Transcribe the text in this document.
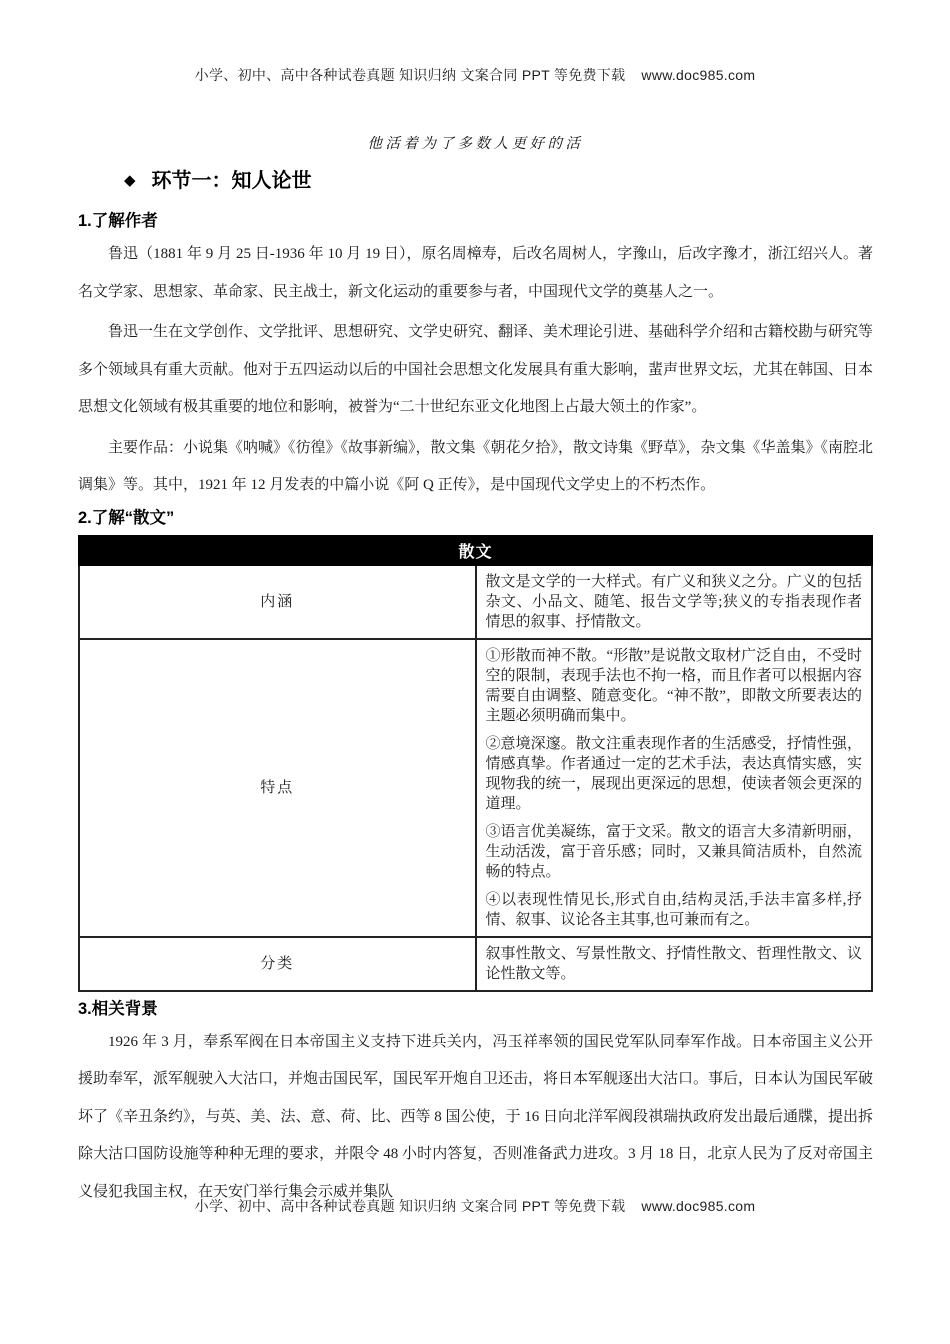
小学、初中、高中各种试卷真题 知识归纳 文案合同 PPT 等免费下载 www.doc985.com
他活着为了多数人更好的活
◆ 环节一：知人论世
1.了解作者

鲁迅（1881 年 9 月 25 日-1936 年 10 月 19 日），原名周樟寿，后改名周树人，字豫山，后改字豫才，浙江绍兴人。著名文学家、思想家、革命家、民主战士，新文化运动的重要参与者，中国现代文学的奠基人之一。

鲁迅一生在文学创作、文学批评、思想研究、文学史研究、翻译、美术理论引进、基础科学介绍和古籍校勘与研究等多个领域具有重大贡献。他对于五四运动以后的中国社会思想文化发展具有重大影响，蜚声世界文坛，尤其在韩国、日本思想文化领域有极其重要的地位和影响，被誉为“二十世纪东亚文化地图上占最大领土的作家”。

主要作品：小说集《呐喊》《彷徨》《故事新编》，散文集《朝花夕拾》，散文诗集《野草》，杂文集《华盖集》《南腔北调集》等。其中，1921 年 12 月发表的中篇小说《阿 Q 正传》，是中国现代文学史上的不朽杰作。

2.了解“散文”
散文	
内涵	散文是文学的一大样式。有广义和狭义之分。广义的包括杂文、小品文、随笔、报告文学等;狭义的专指表现作者情思的叙事、抒情散文。

特点	①形散而神不散。“形散”是说散文取材广泛自由，不受时空的限制，表现手法也不拘一格，而且作者可以根据内容需要自由调整、随意变化。“神不散”，即散文所要表达的主题必须明确而集中。

②意境深邃。散文注重表现作者的生活感受，抒情性强，情感真挚。作者通过一定的艺术手法，表达真情实感，实现物我的统一，展现出更深远的思想，使读者领会更深的道理。

③语言优美凝练，富于文采。散文的语言大多清新明丽，生动活泼，富于音乐感；同时，又兼具简洁质朴，自然流畅的特点。

④以表现性情见长,形式自由,结构灵活,手法丰富多样,抒情、叙事、议论各主其事,也可兼而有之。

分类	叙事性散文、写景性散文、抒情性散文、哲理性散文、议论性散文等。

3.相关背景

1926 年 3 月，奉系军阀在日本帝国主义支持下进兵关内，冯玉祥率领的国民党军队同奉军作战。日本帝国主义公开援助奉军，派军舰驶入大沽口，并炮击国民军，国民军开炮自卫还击，将日本军舰逐出大沽口。事后，日本认为国民军破坏了《辛丑条约》，与英、美、法、意、荷、比、西等 8 国公使，于 16 日向北洋军阀段祺瑞执政府发出最后通牒，提出拆除大沽口国防设施等种种无理的要求，并限令 48 小时内答复，否则准备武力进攻。3 月 18 日，北京人民为了反对帝国主义侵犯我国主权，在天安门举行集会示威并集队

小学、初中、高中各种试卷真题 知识归纳 文案合同 PPT 等免费下载 www.doc985.com
